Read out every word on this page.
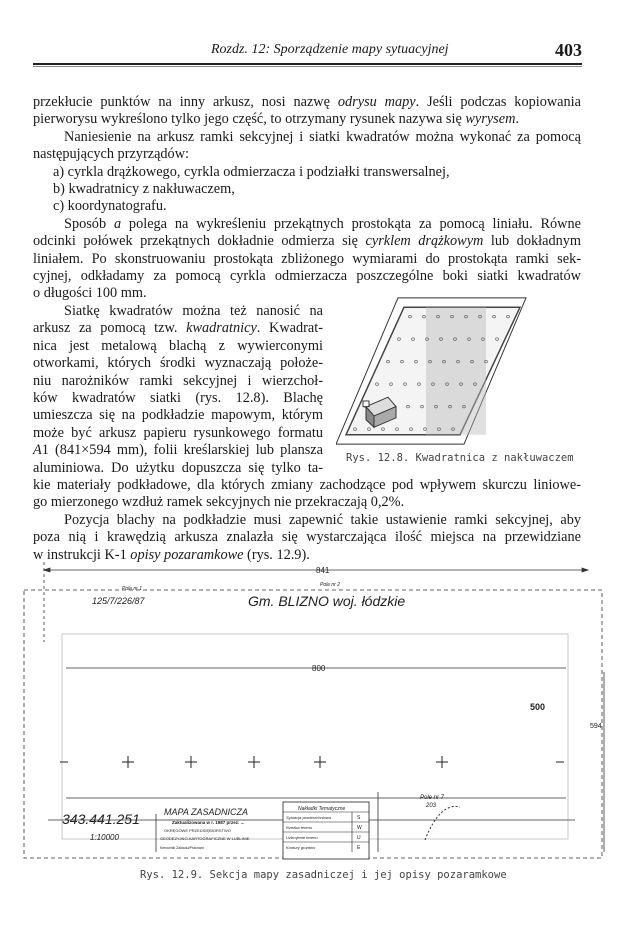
Rozdz. 12: Sporządzenie mapy sytuacyjnej	403
przekłucie punktów na inny arkusz, nosi nazwę odrysu mapy. Jeśli podczas kopiowania
pierworysu wykreślono tylko jego część, to otrzymany rysunek nazywa się wyrysem.
Naniesienie na arkusz ramki sekcyjnej i siatki kwadratów można wykonać za pomocą
następujących przyrządów:
a) cyrkla drążkowego, cyrkla odmierzacza i podziałki transwersalnej,
b) kwadratnicy z nakłuwaczem,
c) koordynatografu.
Sposób a polega na wykreśleniu przekątnych prostokąta za pomocą liniału. Równe
odcinki połówek przekątnych dokładnie odmierza się cyrklem drążkowym lub dokładnym
liniałem. Po skonstruowaniu prostokąta zbliżonego wymiarami do prostokąta ramki sek-
cyjnej, odkładamy za pomocą cyrkla odmierzacza poszczególne boki siatki kwadratów
o długości 100 mm.
Siatkę kwadratów można też nanosić na
arkusz za pomocą tzw. kwadratnicy. Kwadrat-
nica jest metalową blachą z wywierconymi
otworkami, których środki wyznaczają położe-
niu narożników ramki sekcyjnej i wierzchoł-
ków kwadratów siatki (rys. 12.8). Blachę
umieszcza się na podkładzie mapowym, którym
może być arkusz papieru rysunkowego formatu
A1 (841×594 mm), folii kreślarskiej lub plansza
aluminiowa. Do użytku dopuszcza się tylko ta-
kie materiały podkładowe, dla których zmiany zachodzące pod wpływem skurczu liniowe-
go mierzonego wzdłuż ramek sekcyjnych nie przekraczają 0,2%.
Pozycja blachy na podkładzie musi zapewnić takie ustawienie ramki sekcyjnej, aby
poza nią i krawędzią arkusza znalazła się wystarczająca ilość miejsca na przewidziane
w instrukcji K-1 opisy pozaramkowe (rys. 12.9).
Rys. 12.8. Kwadratnica z nakłuwaczem
841
800
500
594
Pole nr 1
125/7/226/87
Pole nr 2
Gm. BLIZNO woj. łódzkie
Pole nr 7
203
343.441.251
1:10000
MAPA ZASADNICZA
Zaktualizowana w r. 1987 przez: ...
OKRĘGOWE PRZEDSIĘBIORSTWO
GEODEZYJNO-KARTOGRAFICZNE W LUBLINIE
Kierownik Zakładu/Pracowni
Nakładki Tematyczne
Sytuacja powierzchniowa	S
Rzeźba terenu	W
Uzbrojenie terenu	U
Kontury gruntów	E
Rys. 12.9. Sekcja mapy zasadniczej i jej opisy pozaramkowe
